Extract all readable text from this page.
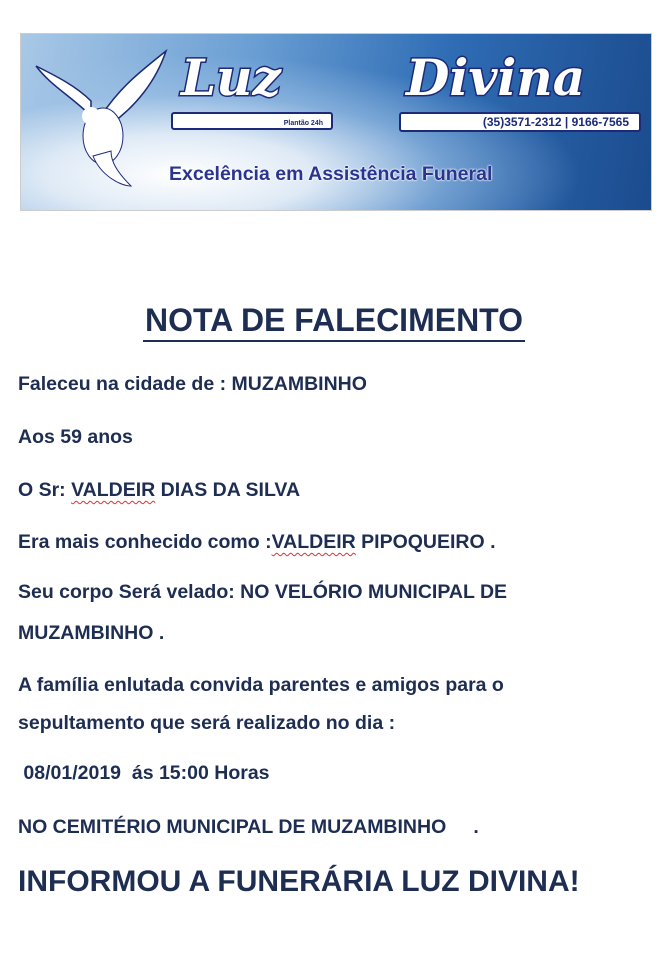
Luz
Plantão 24h
Divina
(35)3571-2312 | 9166-7565
Excelência em Assistência Funeral
NOTA DE FALECIMENTO
Faleceu na cidade de : MUZAMBINHO
Aos 59 anos
O Sr: VALDEIR DIAS DA SILVA
Era mais conhecido como :VALDEIR PIPOQUEIRO .
Seu corpo Será velado: NO VELÓRIO MUNICIPAL DE
MUZAMBINHO .
A família enlutada convida parentes e amigos para o
sepultamento que será realizado no dia :
08/01/2019  ás 15:00 Horas
NO CEMITÉRIO MUNICIPAL DE MUZAMBINHO     .
INFORMOU A FUNERÁRIA LUZ DIVINA!
